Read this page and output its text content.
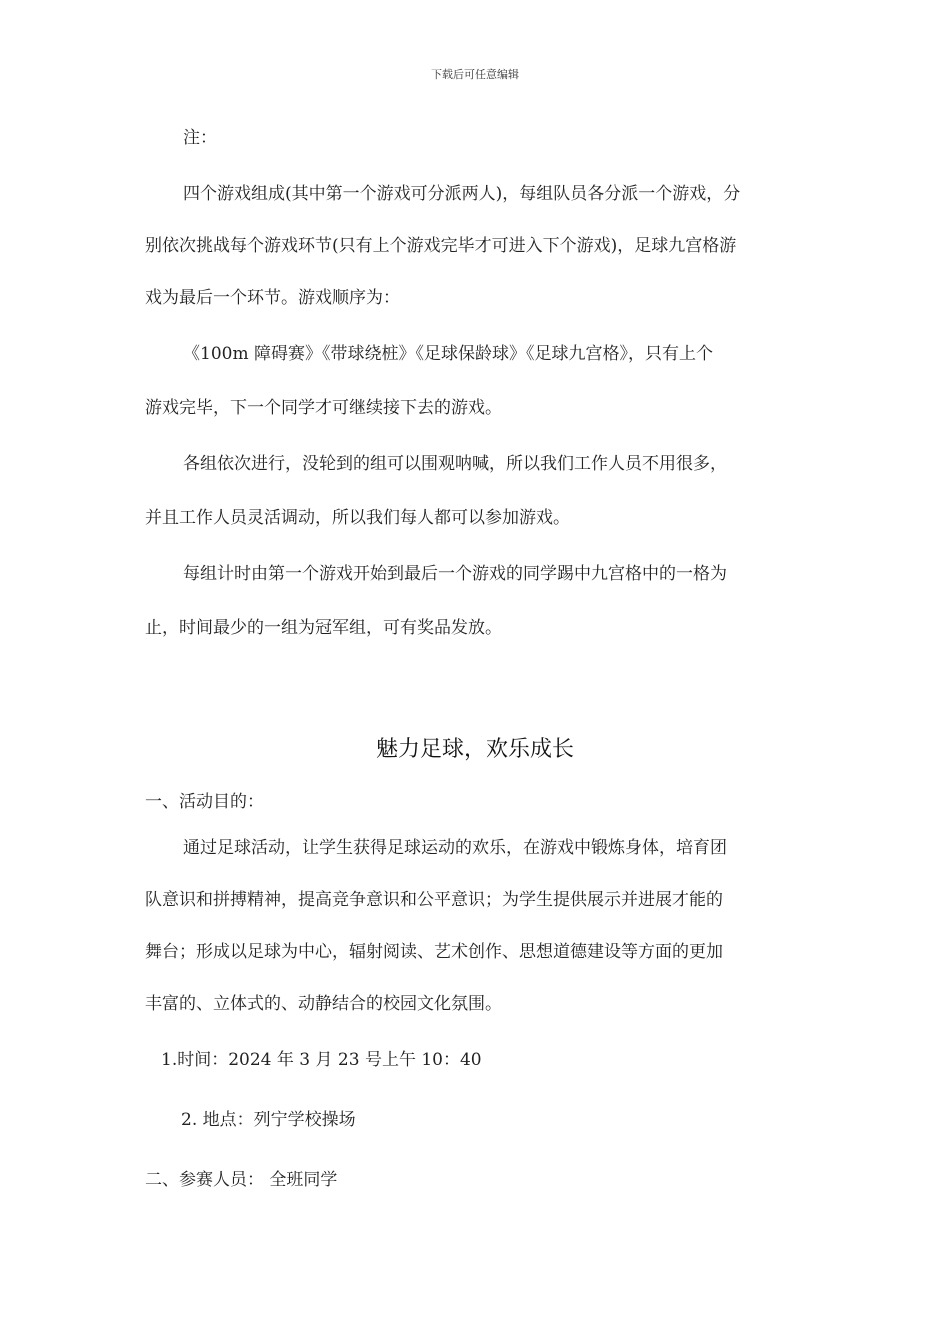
下载后可任意编辑
注：
四个游戏组成(其中第一个游戏可分派两人)，每组队员各分派一个游戏，分
别依次挑战每个游戏环节(只有上个游戏完毕才可进入下个游戏)，足球九宫格游
戏为最后一个环节。游戏顺序为：
《100m 障碍赛》《带球绕桩》《足球保龄球》《足球九宫格》，只有上个
游戏完毕，下一个同学才可继续接下去的游戏。
各组依次进行，没轮到的组可以围观呐喊，所以我们工作人员不用很多，
并且工作人员灵活调动，所以我们每人都可以参加游戏。
每组计时由第一个游戏开始到最后一个游戏的同学踢中九宫格中的一格为
止，时间最少的一组为冠军组，可有奖品发放。
魅力足球，欢乐成长
一、活动目的：
通过足球活动，让学生获得足球运动的欢乐，在游戏中锻炼身体，培育团
队意识和拼搏精神，提高竞争意识和公平意识；为学生提供展示并进展才能的
舞台；形成以足球为中心，辐射阅读、艺术创作、思想道德建设等方面的更加
丰富的、立体式的、动静结合的校园文化氛围。
1.时间：2024 年 3 月 23 号上午 10：40
2. 地点：列宁学校操场
二、参赛人员： 全班同学
